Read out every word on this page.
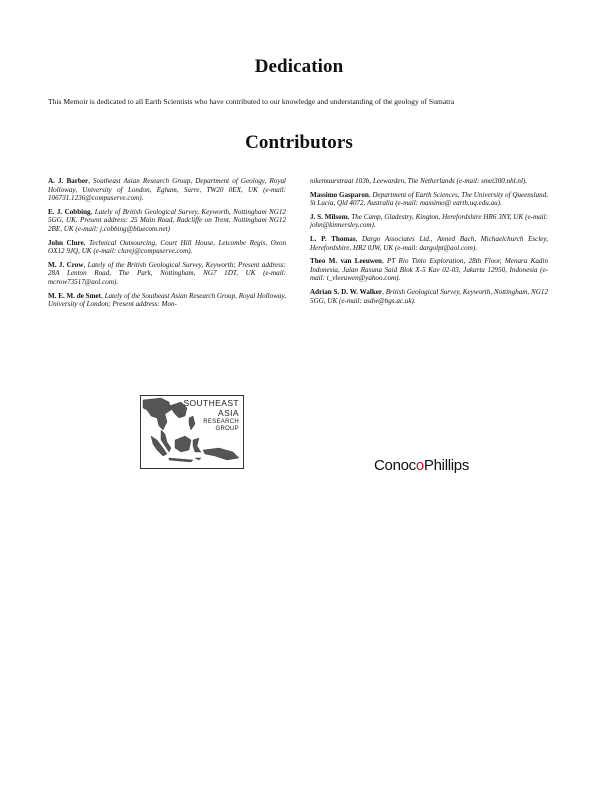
Dedication
This Memoir is dedicated to all Earth Scientists who have contributed to our knowledge and understanding of the geology of Sumatra
Contributors

A. J. Barber, Southeast Asian Research Group, Department of Geology, Royal Holloway, University of London, Egham, Surre, TW20 0EX, UK (e-mail: 106731.1236@compuserve.com).

E. J. Cobbing, Lately of British Geological Survey, Keyworth, Nottingham NG12 5GG, UK. Present address: 25 Main Road, Radcliffe on Trent, Nottingham NG12 2BE, UK (e-mail: j.cobbing@bluecom.net)

John Clure, Technical Outsourcing, Court Hill House, Letcombe Regis, Oxon OX12 9JQ, UK (e-mail: clurej@compuserve.com).

M. J. Crow, Lately of the British Geological Survey, Keyworth; Present address: 28A Lenton Road, The Park, Nottingham, NG7 1DT, UK (e-mail: mcrow73517@aol.com).

M. E. M. de Smet, Lately of the Southeast Asian Research Group, Royal Holloway, University of London; Present address: Mon-

nikemuurstraat 103b, Leewarden, The Netherlands (e-mail: smet300.nhl.nl).

Massimo Gasparon, Department of Earth Sciences, The University of Queensland, St Lucia, Qld 4072, Australia (e-mail: massimo@ earth.uq.edu.au).

J. S. Milsom, The Camp, Gladestry, Kington, Herefordshire HR6 3NY, UK (e-mail: john@kinnersley.com).

L. P. Thomas, Dargo Associates Ltd., Anned Bach, Michaelchurch Escley, Herefordshire, HR2 0JW, UK (e-mail: dargolpt@aol.com).

Theo M. van Leeuwen, PT Rio Tinto Exploration, 28th Floor, Menara Kadin Indonesia, Jalan Rasuna Said Blok X-5 Kav 02-03, Jakarta 12950, Indonesia (e-mail: t_vleeuwen@yahoo.com).

Adrian S. D. W. Walker, British Geological Survey, Keyworth, Nottingham, NG12 5GG, UK (e-mail: asdw@bgs.ac.uk).

SOUTHEAST
ASIA
RESEARCH
GROUP
ConocoPhillips
